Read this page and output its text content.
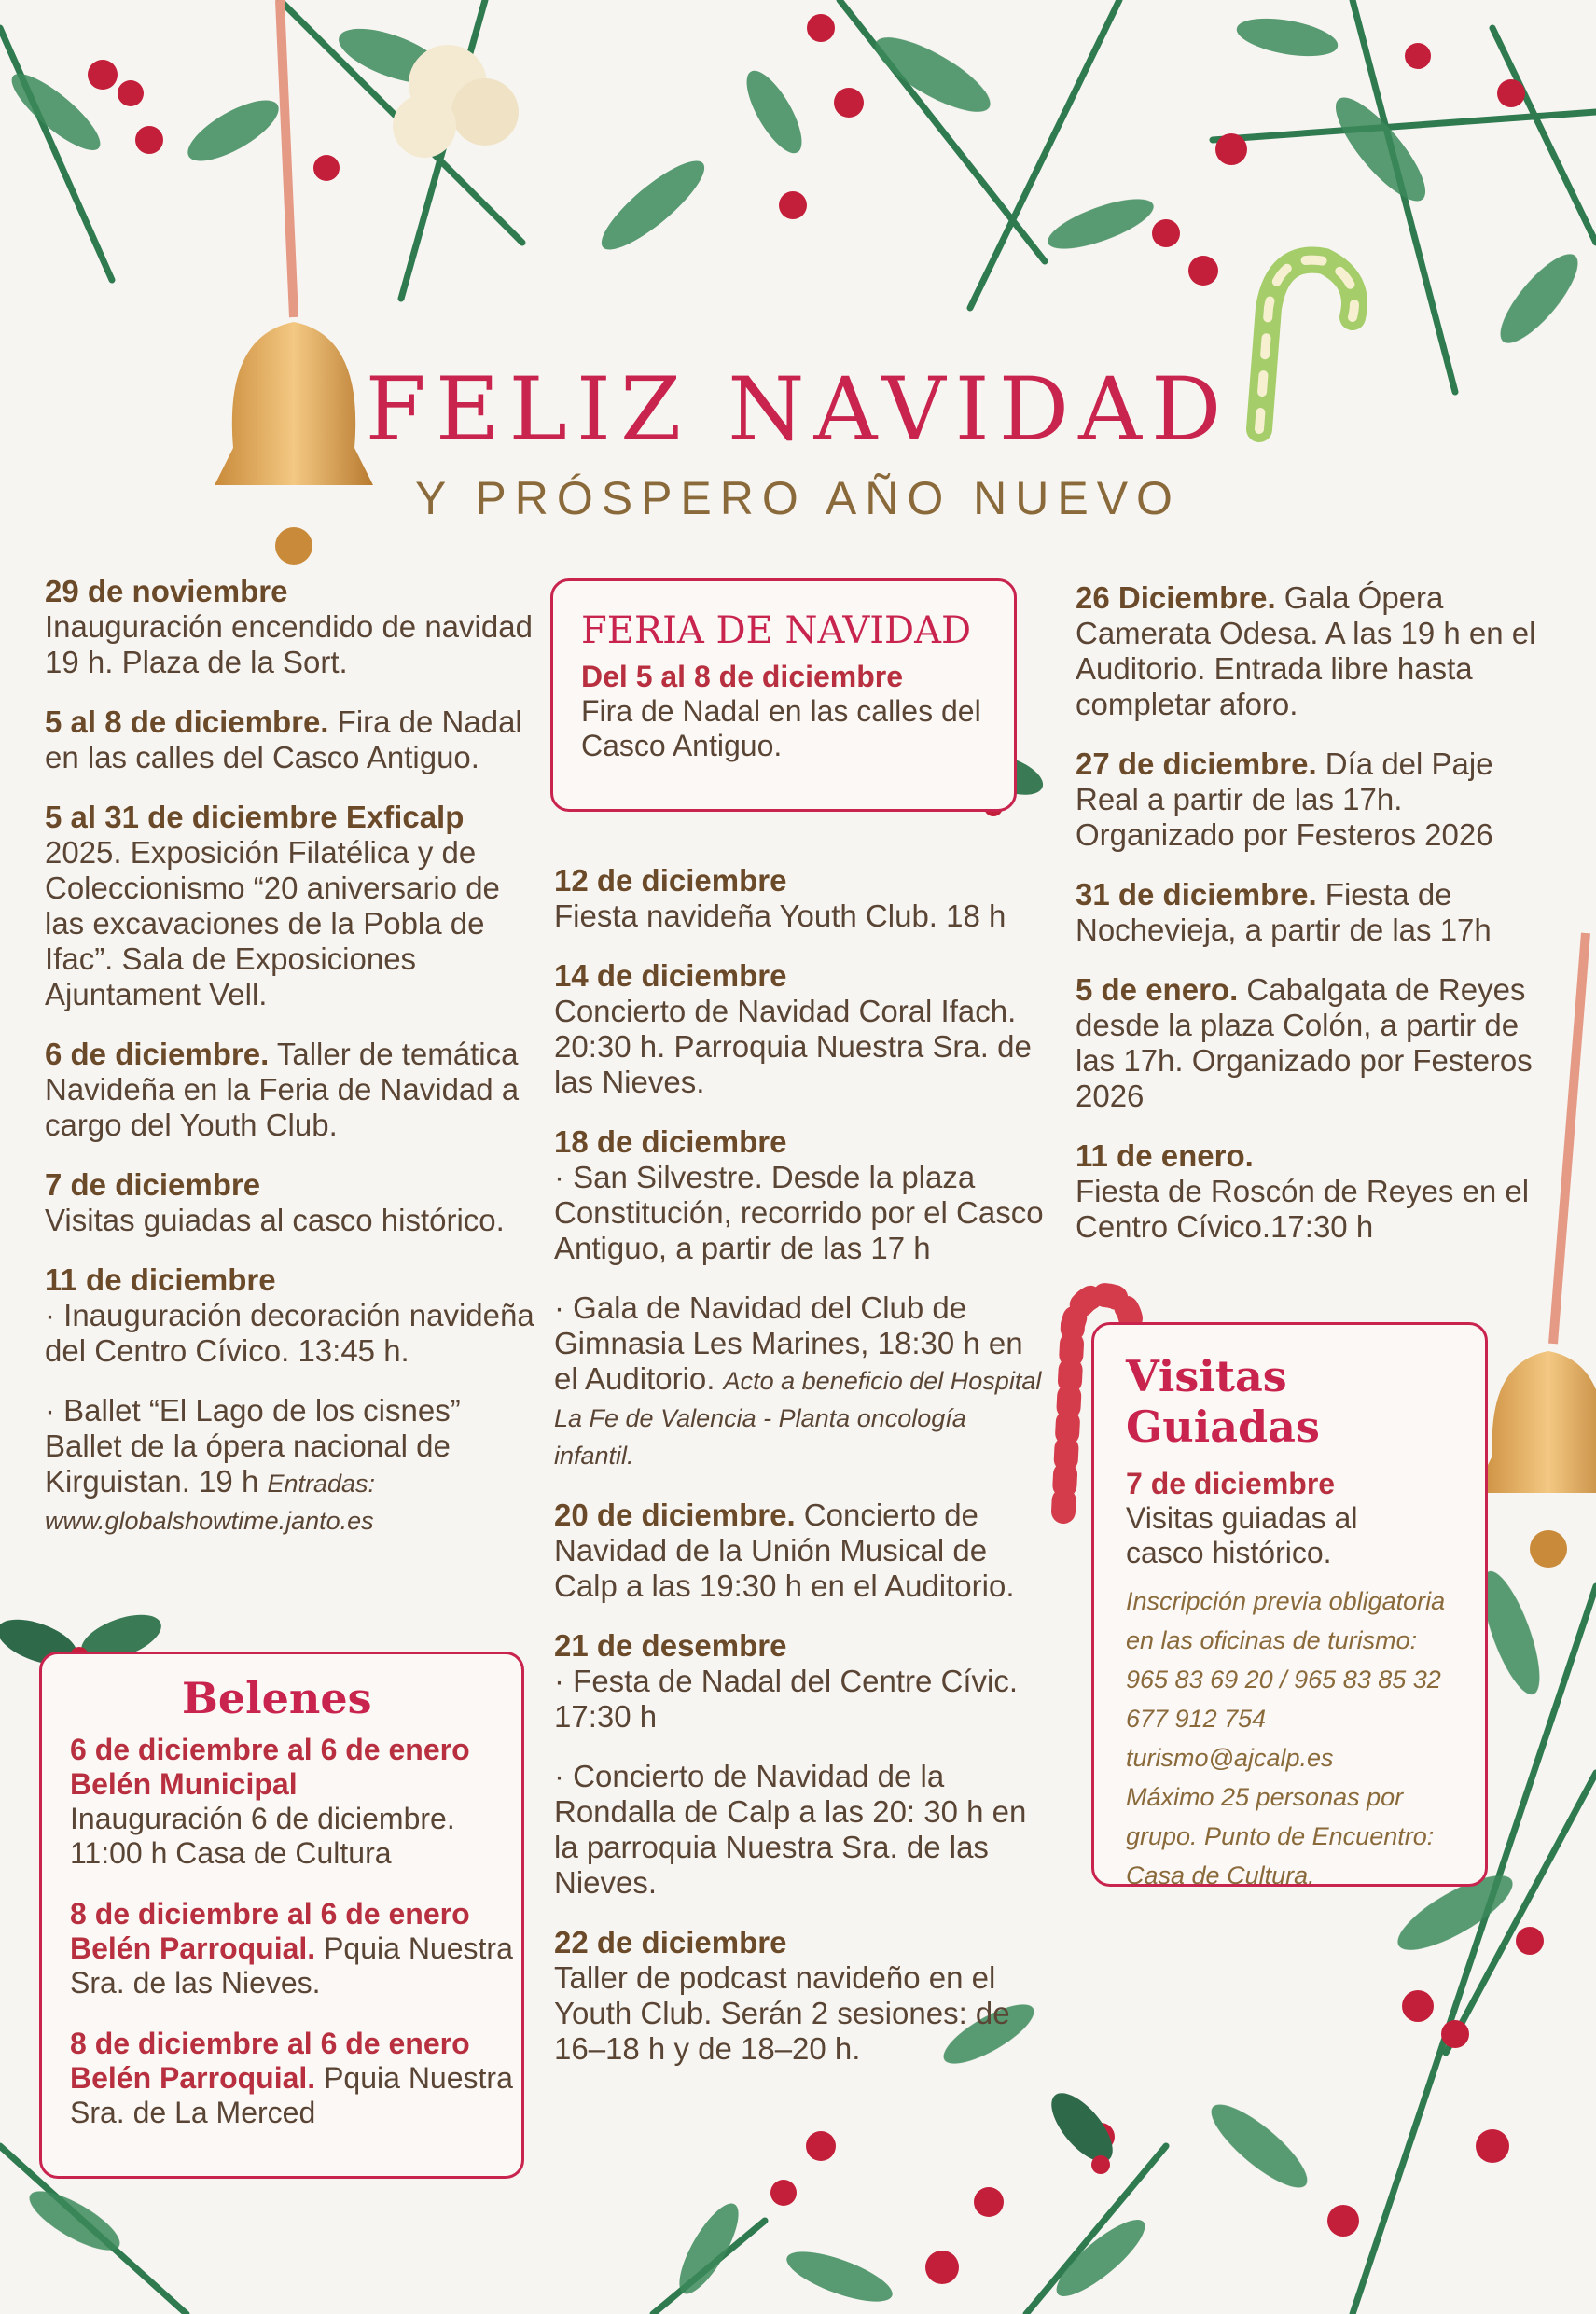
FELIZ NAVIDAD
Y PRÓSPERO AÑO NUEVO
29 de noviembre
Inauguración encendido de navidad 19 h. Plaza de la Sort.
5 al 8 de diciembre. Fira de Nadal en las calles del Casco Antiguo.
5 al 31 de diciembre Exficalp
2025. Exposición Filatélica y de Coleccionismo “20 aniversario de las excavaciones de la Pobla de Ifac”. Sala de Exposiciones Ajuntament Vell.
6 de diciembre. Taller de temática Navideña en la Feria de Navidad a cargo del Youth Club.
7 de diciembre
Visitas guiadas al casco histórico.
11 de diciembre
· Inauguración decoración navideña del Centro Cívico. 13:45 h.
· Ballet “El Lago de los cisnes” Ballet de la ópera nacional de Kirguistan. 19 h Entradas: www.globalshowtime.janto.es
FERIA DE NAVIDAD

Del 5 al 8 de diciembre

Fira de Nadal en las calles del Casco Antiguo.

12 de diciembre
Fiesta navideña Youth Club. 18 h
14 de diciembre
Concierto de Navidad Coral Ifach. 20:30 h. Parroquia Nuestra Sra. de las Nieves.
18 de diciembre
· San Silvestre. Desde la plaza Constitución, recorrido por el Casco Antiguo, a partir de las 17 h
· Gala de Navidad del Club de Gimnasia Les Marines, 18:30 h en el Auditorio. Acto a beneficio del Hospital La Fe de Valencia - Planta oncología infantil.
20 de diciembre. Concierto de Navidad de la Unión Musical de Calp a las 19:30 h en el Auditorio.
21 de desembre
· Festa de Nadal del Centre Cívic. 17:30 h
· Concierto de Navidad de la Rondalla de Calp a las 20: 30 h en la parroquia Nuestra Sra. de las Nieves.
22 de diciembre
Taller de podcast navideño en el Youth Club. Serán 2 sesiones: de 16–18 h y de 18–20 h.
26 Diciembre. Gala Ópera Camerata Odesa. A las 19 h en el Auditorio. Entrada libre hasta completar aforo.
27 de diciembre. Día del Paje Real a partir de las 17h. Organizado por Festeros 2026
31 de diciembre. Fiesta de Nochevieja, a partir de las 17h
5 de enero. Cabalgata de Reyes desde la plaza Colón, a partir de las 17h. Organizado por Festeros 2026
11 de enero.
Fiesta de Roscón de Reyes en el Centro Cívico.17:30 h
Belenes

6 de diciembre al 6 de enero

Belén Municipal

Inauguración 6 de diciembre. 11:00 h Casa de Cultura

8 de diciembre al 6 de enero

Belén Parroquial. Pquia Nuestra Sra. de las Nieves.

8 de diciembre al 6 de enero

Belén Parroquial. Pquia Nuestra Sra. de La Merced

Visitas Guiadas

7 de diciembre

Visitas guiadas al casco histórico.

Inscripción previa obligatoria
en las oficinas de turismo:
965 83 69 20 / 965 83 85 32
677 912 754
turismo@ajcalp.es
Máximo 25 personas por
grupo. Punto de Encuentro:
Casa de Cultura.
